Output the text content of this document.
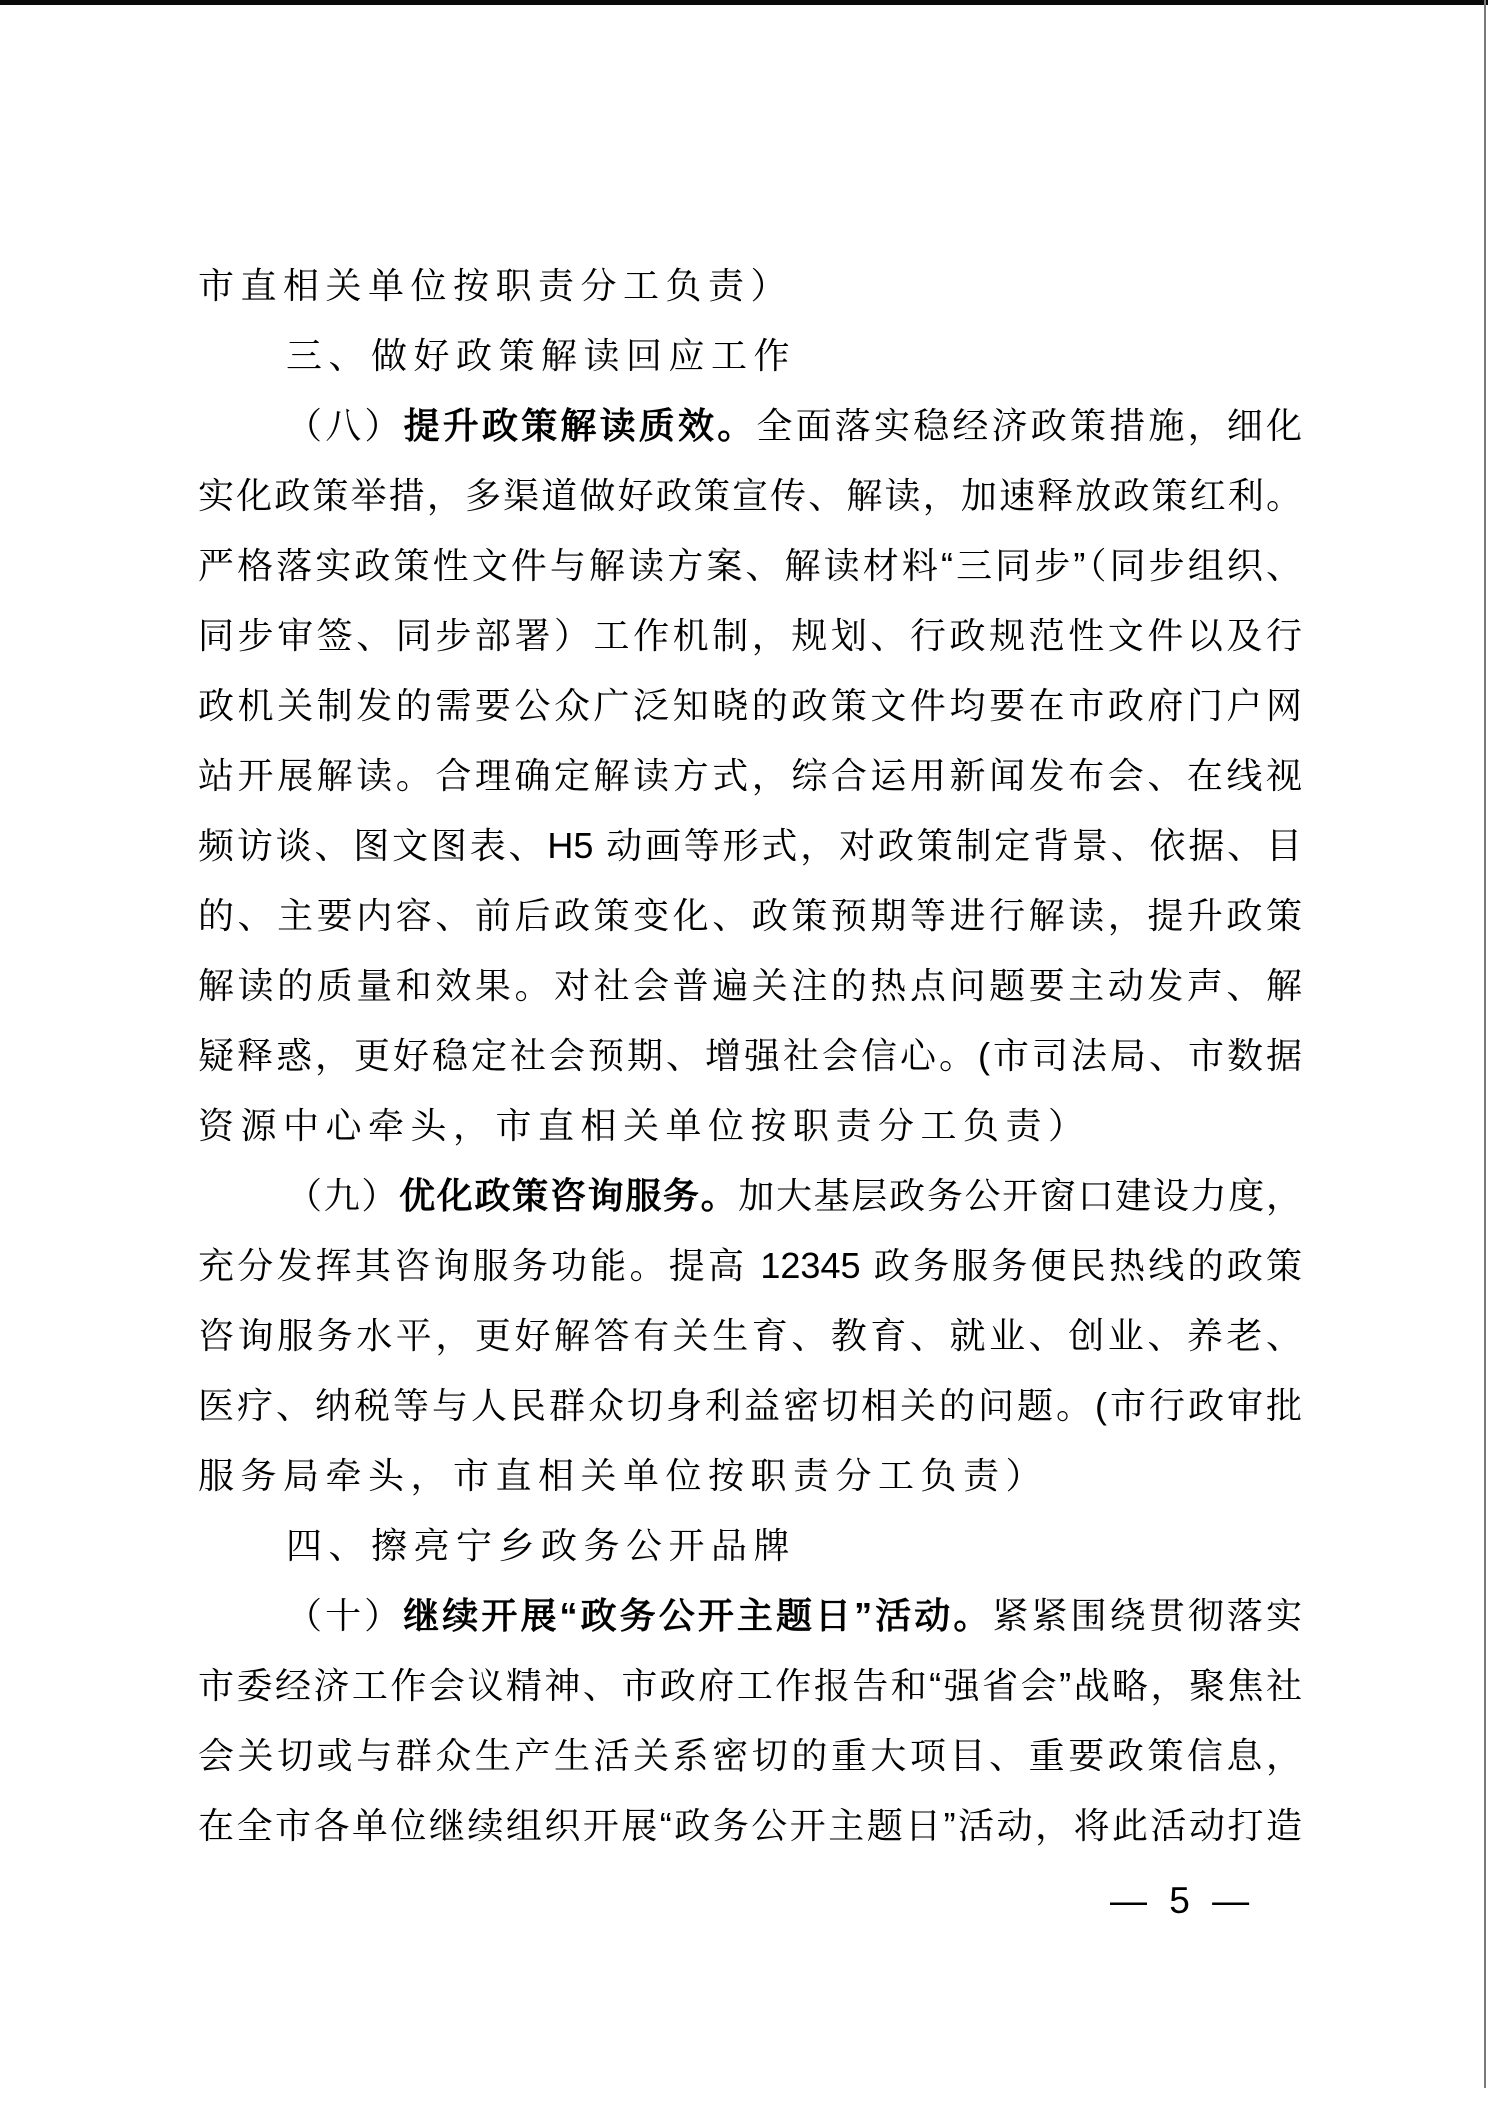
市直相关单位按职责分工负责）
三、做好政策解读回应工作
（八）提升政策解读质效。全面落实稳经济政策措施，细化
实化政策举措，多渠道做好政策宣传、解读，加速释放政策红利。
严格落实政策性文件与解读方案、解读材料“三同步”（同步组织、
同步审签、同步部署）工作机制，规划、行政规范性文件以及行
政机关制发的需要公众广泛知晓的政策文件均要在市政府门户网
站开展解读。合理确定解读方式，综合运用新闻发布会、在线视
频访谈、图文图表、H5 动画等形式，对政策制定背景、依据、目
的、主要内容、前后政策变化、政策预期等进行解读，提升政策
解读的质量和效果。对社会普遍关注的热点问题要主动发声、解
疑释惑，更好稳定社会预期、增强社会信心。(市司法局、市数据
资源中心牵头，市直相关单位按职责分工负责）
（九）优化政策咨询服务。加大基层政务公开窗口建设力度，
充分发挥其咨询服务功能。提高 12345 政务服务便民热线的政策
咨询服务水平，更好解答有关生育、教育、就业、创业、养老、
医疗、纳税等与人民群众切身利益密切相关的问题。(市行政审批
服务局牵头，市直相关单位按职责分工负责）
四、擦亮宁乡政务公开品牌
（十）继续开展“政务公开主题日”活动。紧紧围绕贯彻落实
市委经济工作会议精神、市政府工作报告和“强省会”战略，聚焦社
会关切或与群众生产生活关系密切的重大项目、重要政策信息，
在全市各单位继续组织开展“政务公开主题日”活动，将此活动打造
— 5 —
